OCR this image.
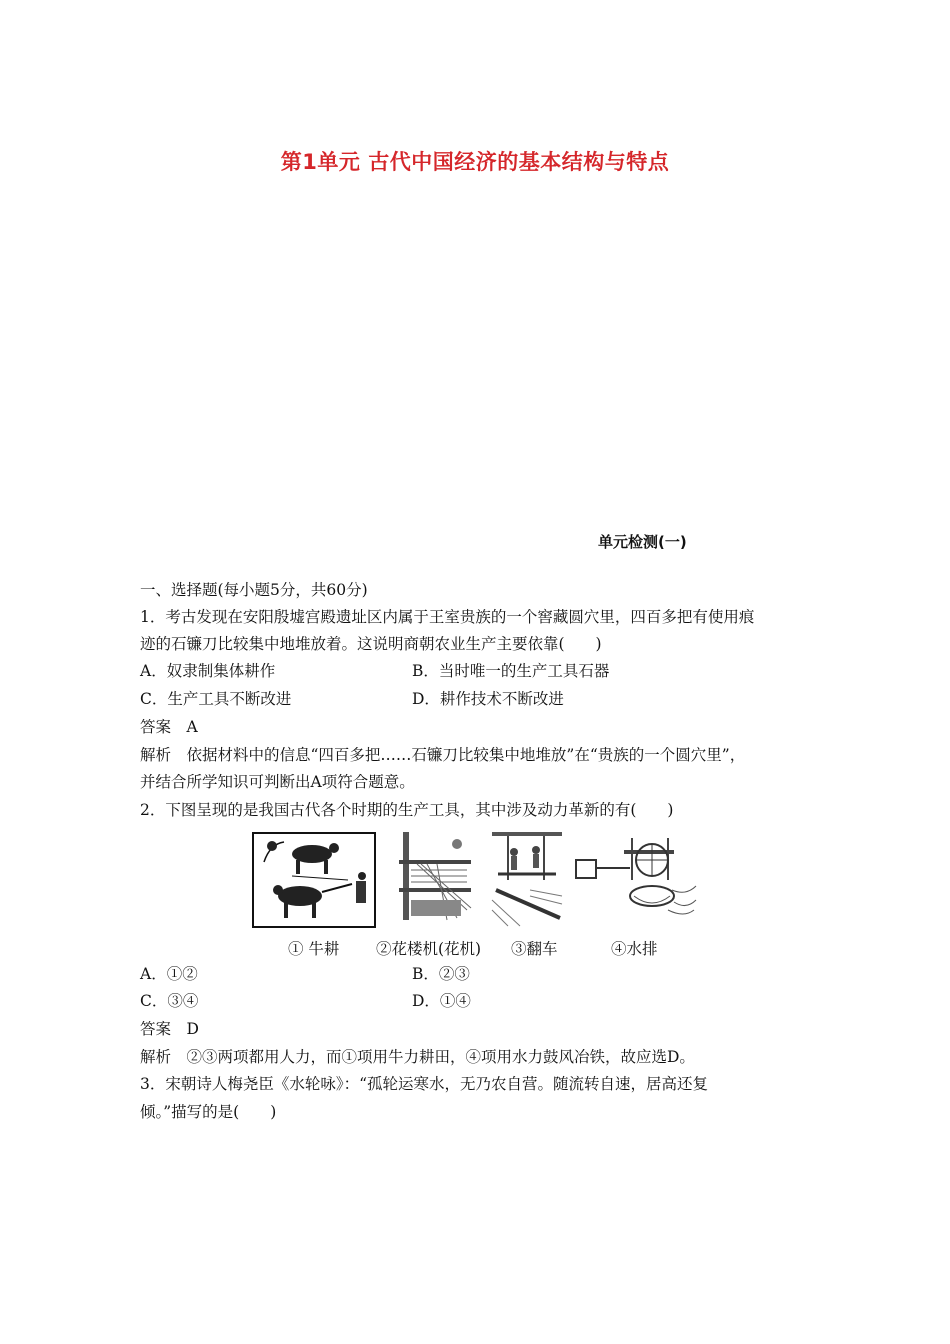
第1单元 古代中国经济的基本结构与特点
单元检测(一)
一、选择题(每小题5分，共60分)
1．考古发现在安阳殷墟宫殿遗址区内属于王室贵族的一个窖藏圆穴里，四百多把有使用痕
迹的石镰刀比较集中地堆放着。这说明商朝农业生产主要依靠(　　)
A．奴隶制集体耕作	B．当时唯一的生产工具石器
C．生产工具不断改进	D．耕作技术不断改进
答案　A
解析　依据材料中的信息“四百多把……石镰刀比较集中地堆放”在“贵族的一个圆穴里”，
并结合所学知识可判断出A项符合题意。
2．下图呈现的是我国古代各个时期的生产工具，其中涉及动力革新的有(　　)
① 牛耕 ②花楼机(花机) ③翻车	④水排
A．①②	B．②③
C．③④	D．①④
答案　D
解析　②③两项都用人力，而①项用牛力耕田，④项用水力鼓风冶铁，故应选D。
3．宋朝诗人梅尧臣《水轮咏》：“孤轮运寒水，无乃农自营。随流转自速，居高还复
倾。”描写的是(　　)
